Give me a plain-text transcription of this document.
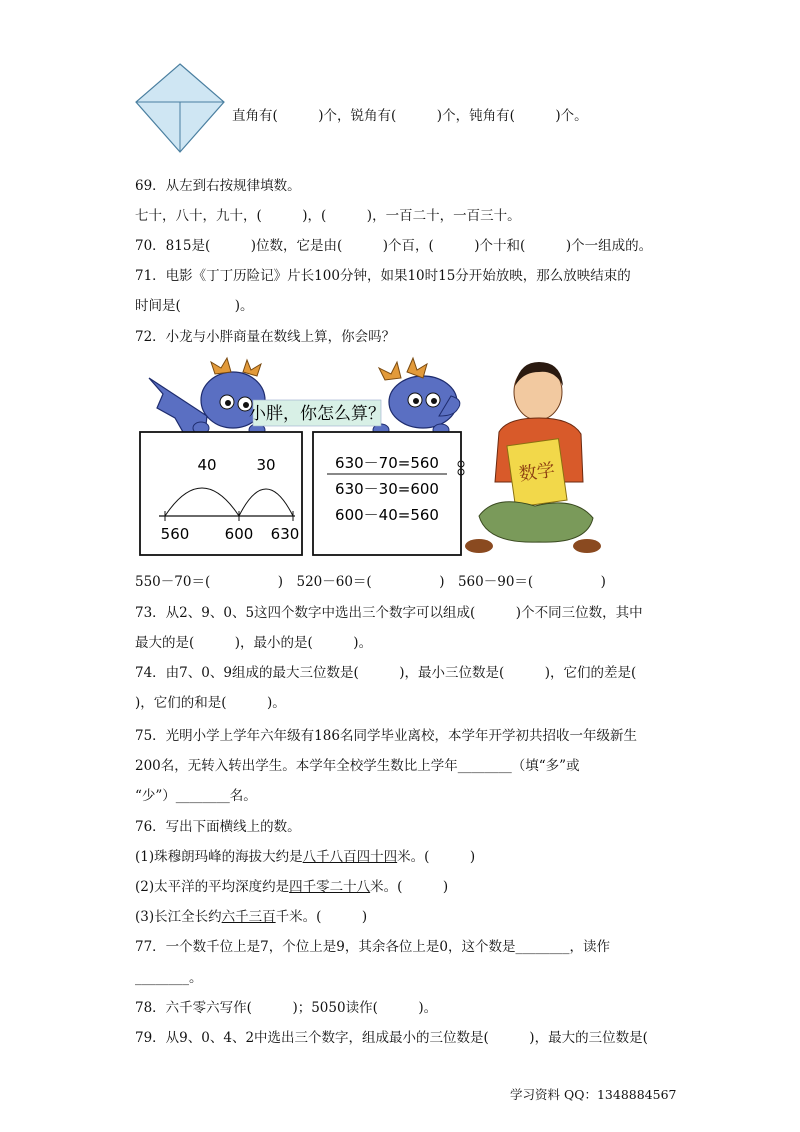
直角有(　　　)个，锐角有(　　　)个，钝角有(　　　)个。
69．从左到右按规律填数。
七十，八十，九十，(　　　)，(　　　)，一百二十，一百三十。
70．815是(　　　)位数，它是由(　　　)个百，(　　　)个十和(　　　)个一组成的。
71．电影《丁丁历险记》片长100分钟，如果10时15分开始放映，那么放映结束的
时间是(　　　　)。
72．小龙与小胖商量在数线上算，你会吗？
小胖，你怎么算？
40	30
560 600 630
630－70=560
630－30=600
600－40=560
数学
550－70＝(　　　　　)　520－60＝(　　　　　)　560－90＝(　　　　　)
73．从2、9、0、5这四个数字中选出三个数字可以组成(　　　)个不同三位数，其中
最大的是(　　　)，最小的是(　　　)。
74．由7、0、9组成的最大三位数是(　　　)，最小三位数是(　　　)，它们的差是(
)，它们的和是(　　　)。
75．光明小学上学年六年级有186名同学毕业离校，本学年开学初共招收一年级新生
200名，无转入转出学生。本学年全校学生数比上学年________（填“多”或
“少”）________名。
76．写出下面横线上的数。
(1)珠穆朗玛峰的海拔大约是八千八百四十四米。(　　　)
(2)太平洋的平均深度约是四千零二十八米。(　　　)
(3)长江全长约六千三百千米。(　　　)
77．一个数千位上是7，个位上是9，其余各位上是0，这个数是________，读作
________。
78．六千零六写作(　　　)；5050读作(　　　)。
79．从9、0、4、2中选出三个数字，组成最小的三位数是(　　　)，最大的三位数是(
学习资料 QQ：1348884567
